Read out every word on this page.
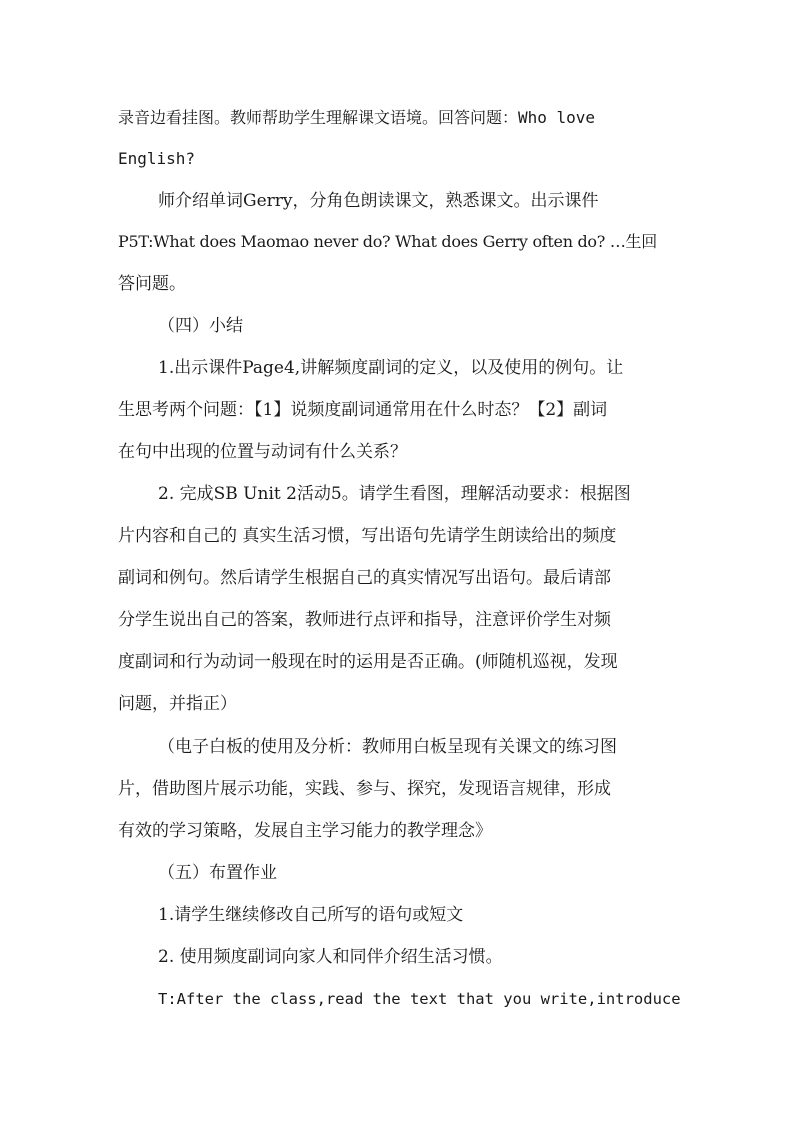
录音边看挂图。教师帮助学生理解课文语境。回答问题：Who love
English?
师介绍单词Gerry，分角色朗读课文，熟悉课文。出示课件
P5T:What does Maomao never do? What does Gerry often do? …生回
答问题。
（四）小结
1.出示课件Page4,讲解频度副词的定义，以及使用的例句。让
生思考两个问题：【1】说频度副词通常用在什么时态？【2】副词
在句中出现的位置与动词有什么关系？
2. 完成SB Unit 2活动5。请学生看图，理解活动要求：根据图
片内容和自己的 真实生活习惯，写出语句先请学生朗读给出的频度
副词和例句。然后请学生根据自己的真实情况写出语句。最后请部
分学生说出自己的答案，教师进行点评和指导，注意评价学生对频
度副词和行为动词一般现在时的运用是否正确。(师随机巡视，发现
问题，并指正）
（电子白板的使用及分析：教师用白板呈现有关课文的练习图
片，借助图片展示功能，实践、参与、探究，发现语言规律，形成
有效的学习策略，发展自主学习能力的教学理念》
（五）布置作业
1.请学生继续修改自己所写的语句或短文
2. 使用频度副词向家人和同伴介绍生活习惯。
T:After the class,read the text that you write,introduce
